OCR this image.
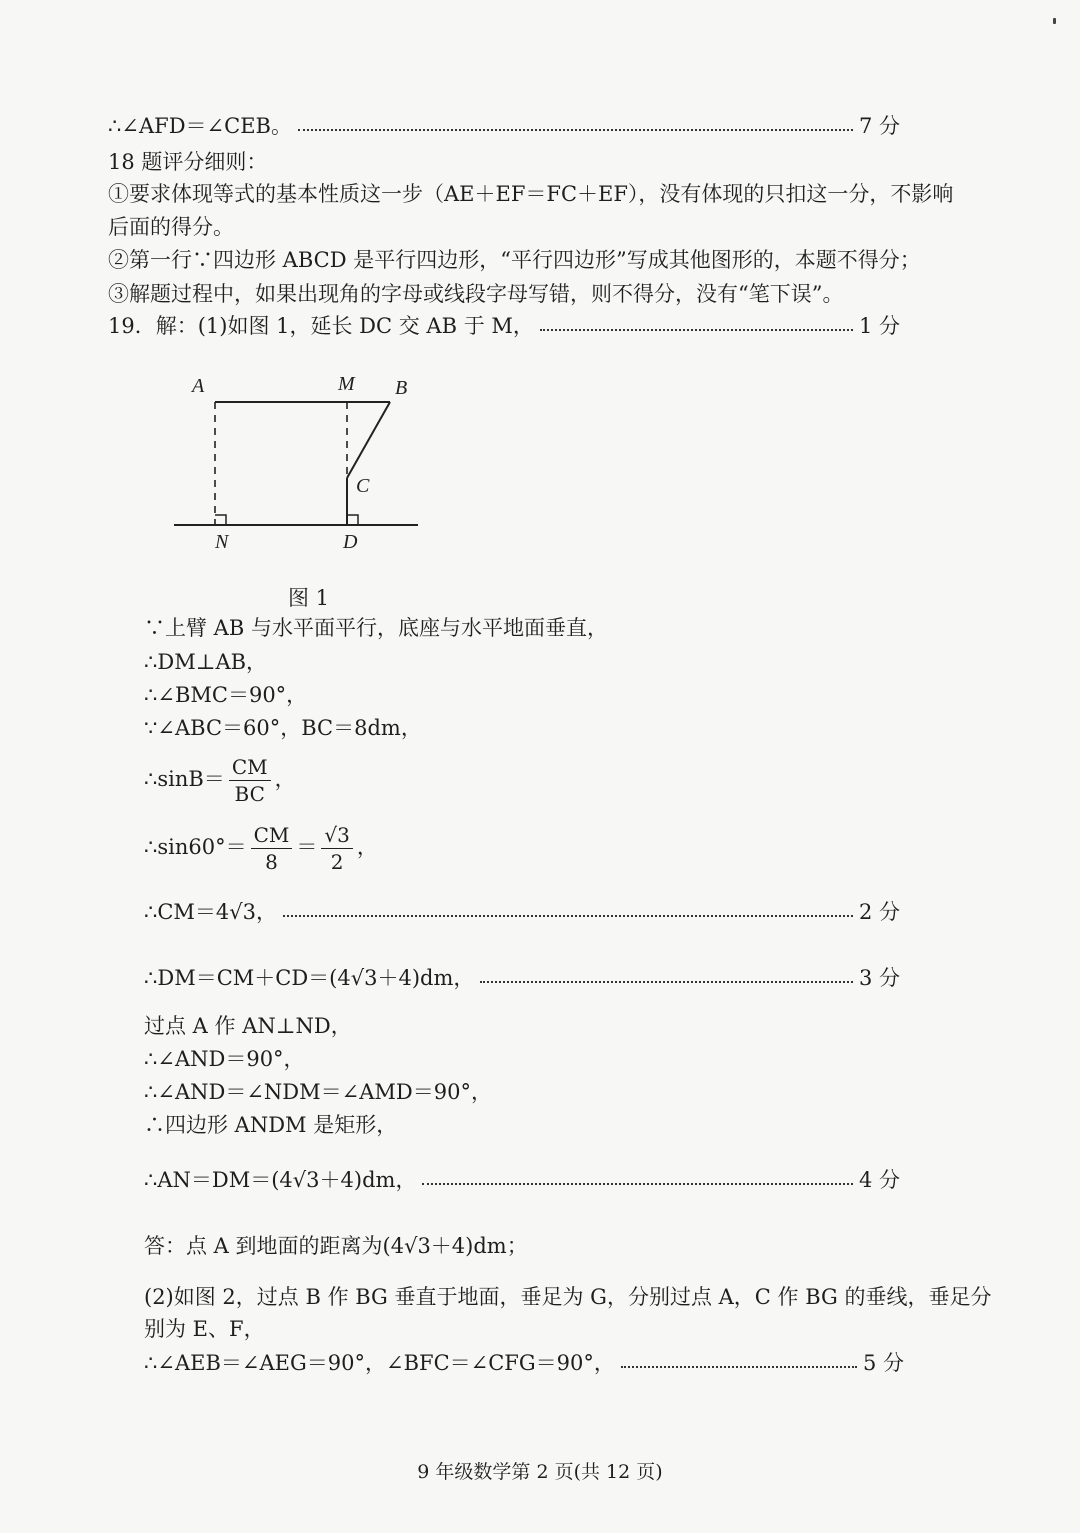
∴∠AFD＝∠CEB。	7 分
18 题评分细则：
①要求体现等式的基本性质这一步（AE＋EF＝FC＋EF），没有体现的只扣这一分，不影响
后面的得分。
②第一行∵四边形 ABCD 是平行四边形，“平行四边形”写成其他图形的，本题不得分；
③解题过程中，如果出现角的字母或线段字母写错，则不得分，没有“笔下误”。
19．解：(1)如图 1，延长 DC 交 AB 于 M，	1 分
A	M B
C
N	D
图 1
∵上臂 AB 与水平面平行，底座与水平地面垂直，
∴DM⊥AB，
∴∠BMC＝90°，
∵∠ABC＝60°，BC＝8dm，
∴sinB＝ $\frac{CM}{BC}$ ，
∴sin60°＝ $\frac{CM}{8} = \frac{√3}{2}$ ，
∴CM＝4√3，	2 分
∴DM＝CM＋CD＝(4√3＋4)dm，	3 分
过点 A 作 AN⊥ND，
∴∠AND＝90°，
∴∠AND＝∠NDM＝∠AMD＝90°，
∴四边形 ANDM 是矩形，
∴AN＝DM＝(4√3＋4)dm，	4 分
答：点 A 到地面的距离为(4√3＋4)dm；
(2)如图 2，过点 B 作 BG 垂直于地面，垂足为 G，分别过点 A，C 作 BG 的垂线，垂足分
别为 E、F，
∴∠AEB＝∠AEG＝90°，∠BFC＝∠CFG＝90°，	5 分
9 年级数学第 2 页(共 12 页)
